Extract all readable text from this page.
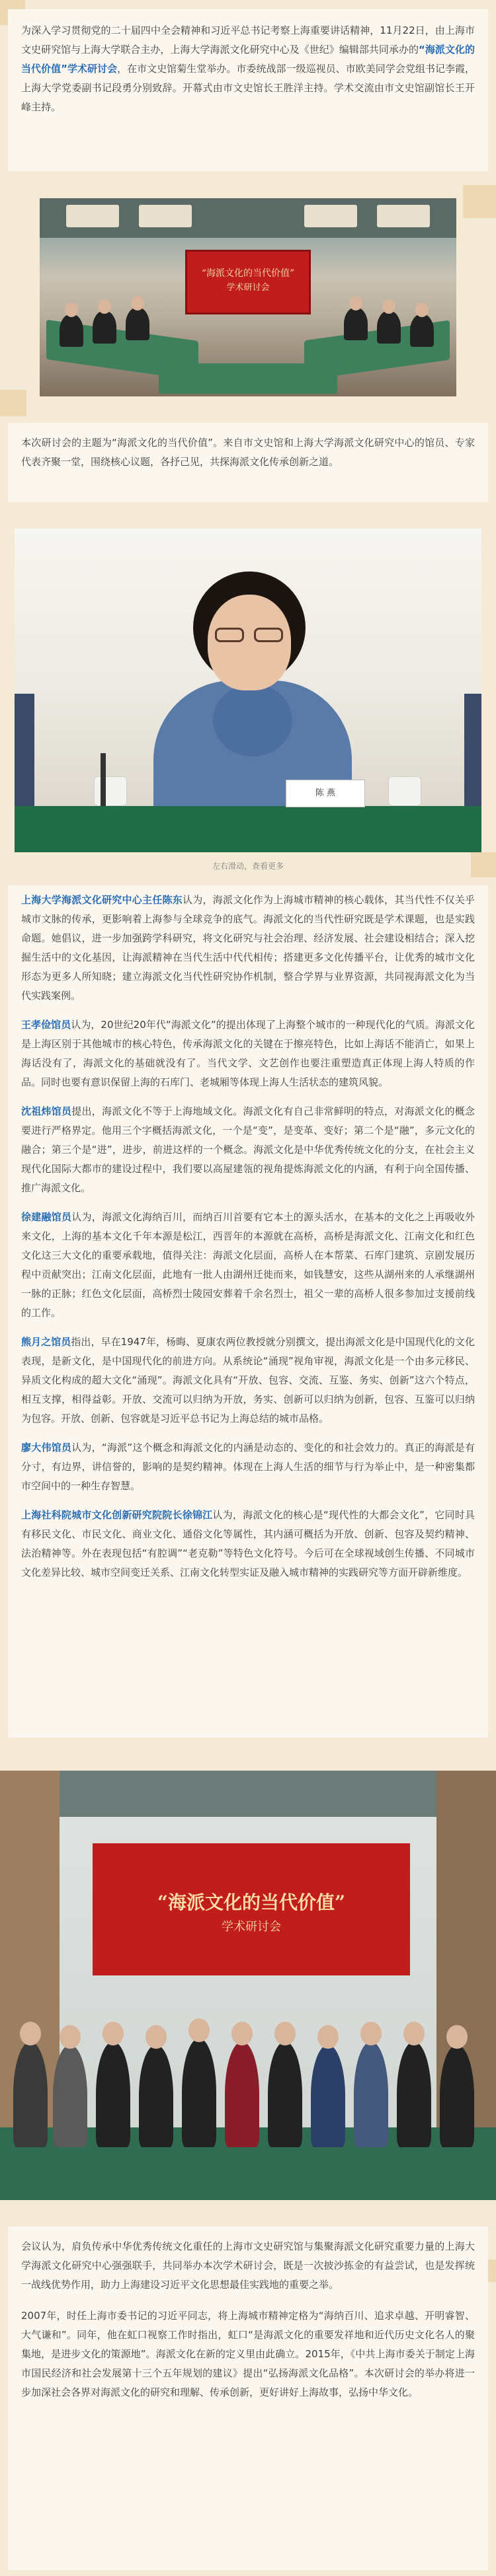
为深入学习贯彻党的二十届四中全会精神和习近平总书记考察上海重要讲话精神，11月22日，由上海市文史研究馆与上海大学联合主办，上海大学海派文化研究中心及《世纪》编辑部共同承办的“海派文化的当代价值”学术研讨会，在市文史馆菊生堂举办。市委统战部一级巡视员、市欧美同学会党组书记李霞，上海大学党委副书记段勇分别致辞。开幕式由市文史馆长王胜洋主持。学术交流由市文史馆副馆长王开峰主持。

“海派文化的当代价值”
学术研讨会

本次研讨会的主题为“海派文化的当代价值”。来自市文史馆和上海大学海派文化研究中心的馆员、专家代表齐聚一堂，围绕核心议题，各抒己见，共探海派文化传承创新之道。

陈 燕
左右滑动，查看更多

上海大学海派文化研究中心主任陈东认为，海派文化作为上海城市精神的核心载体，其当代性不仅关乎城市文脉的传承，更影响着上海参与全球竞争的底气。海派文化的当代性研究既是学术课题，也是实践命题。她倡议，进一步加强跨学科研究，将文化研究与社会治理、经济发展、社会建设相结合；深入挖掘生活中的文化基因，让海派精神在当代生活中代代相传；搭建更多文化传播平台，让优秀的城市文化形态为更多人所知晓；建立海派文化当代性研究协作机制，整合学界与业界资源，共同视海派文化为当代实践案例。

王孝俭馆员认为，20世纪20年代“海派文化”的提出体现了上海整个城市的一种现代化的气质。海派文化是上海区别于其他城市的核心特色，传承海派文化的关键在于擦亮特色，比如上海话不能消亡，如果上海话没有了，海派文化的基础就没有了。当代文学、文艺创作也要注重塑造真正体现上海人特质的作品。同时也要有意识保留上海的石库门、老城厢等体现上海人生活状态的建筑风貌。

沈祖炜馆员提出，海派文化不等于上海地域文化。海派文化有自己非常鲜明的特点，对海派文化的概念要进行严格界定。他用三个字概括海派文化，一个是“变”，是变革、变好；第二个是“融”，多元文化的融合；第三个是“进”，进步，前进这样的一个概念。海派文化是中华优秀传统文化的分支，在社会主义现代化国际大都市的建设过程中，我们要以高屋建瓴的视角提炼海派文化的内涵，有利于向全国传播、推广海派文化。

徐建融馆员认为，海派文化海纳百川，而纳百川首要有它本土的源头活水，在基本的文化之上再吸收外来文化，上海的基本文化千年本源是松江，西晋年的本源就在高桥，高桥是海派文化、江南文化和红色文化这三大文化的重要承载地，值得关注：海派文化层面，高桥人在本帮菜、石库门建筑、京剧发展历程中贡献突出；江南文化层面，此地有一批人由湖州迁徙而来，如钱慧安，这些从湖州来的人承继湖州一脉的正脉；红色文化层面，高桥烈士陵园安葬着千余名烈士，祖父一辈的高桥人很多参加过支援前线的工作。

熊月之馆员指出，早在1947年，杨晦、夏康农两位教授就分别撰文，提出海派文化是中国现代化的文化表现，是新文化，是中国现代化的前进方向。从系统论“涌现”视角审视，海派文化是一个由多元移民、异质文化构成的超大文化“涌现”。海派文化具有“开放、包容、交流、互鉴、务实、创新”这六个特点，相互支撑，相得益彰。开放、交流可以归纳为开放，务实、创新可以归纳为创新，包容、互鉴可以归纳为包容。开放、创新、包容就是习近平总书记为上海总结的城市品格。

廖大伟馆员认为，“海派”这个概念和海派文化的内涵是动态的、变化的和社会效力的。真正的海派是有分寸，有边界，讲信誉的，影响的是契约精神。体现在上海人生活的细节与行为举止中，是一种密集都市空间中的一种生存智慧。

上海社科院城市文化创新研究院院长徐锦江认为，海派文化的核心是“现代性的大都会文化”，它同时具有移民文化、市民文化、商业文化、通俗文化等属性，其内涵可概括为开放、创新、包容及契约精神、法治精神等。外在表现包括“有腔调”“老克勒”等特色文化符号。今后可在全球视域创生传播、不同城市文化差异比较、城市空间变迁关系、江南文化转型实证及融入城市精神的实践研究等方面开辟新维度。

“海派文化的当代价值”
学术研讨会

会议认为，肩负传承中华优秀传统文化重任的上海市文史研究馆与集聚海派文化研究重要力量的上海大学海派文化研究中心强强联手，共同举办本次学术研讨会，既是一次披沙拣金的有益尝试，也是发挥统一战线优势作用，助力上海建设习近平文化思想最佳实践地的重要之举。

2007年，时任上海市委书记的习近平同志，将上海城市精神定格为“海纳百川、追求卓越、开明睿智、大气谦和”。同年，他在虹口视察工作时指出，虹口“是海派文化的重要发祥地和近代历史文化名人的聚集地，是进步文化的策源地”。海派文化在新的定义里由此确立。2015年，《中共上海市委关于制定上海市国民经济和社会发展第十三个五年规划的建议》提出“弘扬海派文化品格”。本次研讨会的举办将进一步加深社会各界对海派文化的研究和理解、传承创新，更好讲好上海故事，弘扬中华文化。
